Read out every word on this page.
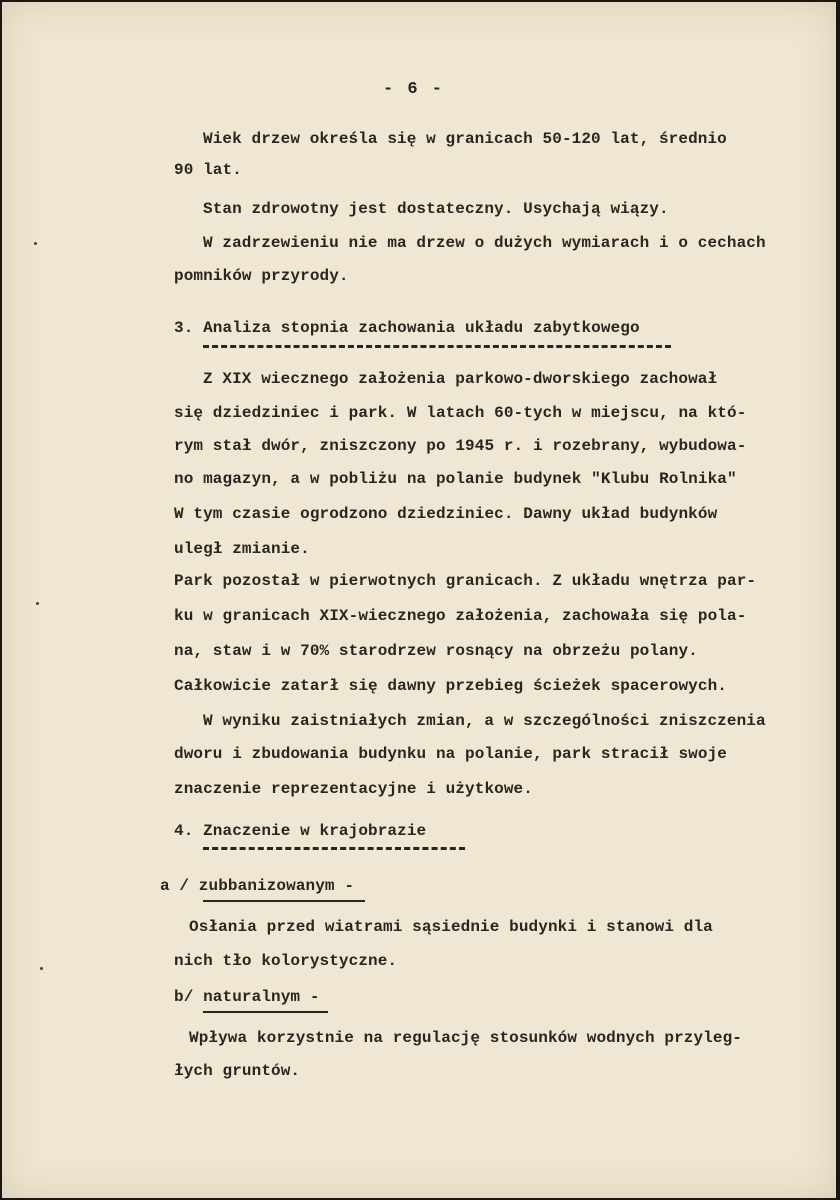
- 6 -
Wiek drzew określa się w granicach 50-120 lat, średnio
90 lat.
Stan zdrowotny jest dostateczny. Usychają wiązy.
W zadrzewieniu nie ma drzew o dużych wymiarach i o cechach
pomników przyrody.
3. Analiza stopnia zachowania układu zabytkowego
Z XIX wiecznego założenia parkowo-dworskiego zachował
się dziedziniec i park. W latach 60-tych w miejscu, na któ-
rym stał dwór, zniszczony po 1945 r. i rozebrany, wybudowa-
no magazyn, a w pobliżu na polanie budynek "Klubu Rolnika"
W tym czasie ogrodzono dziedziniec. Dawny układ budynków
uległ zmianie.
Park pozostał w pierwotnych granicach. Z układu wnętrza par-
ku w granicach XIX-wiecznego założenia, zachowała się pola-
na, staw i w 70% starodrzew rosnący na obrzeżu polany.
Całkowicie zatarł się dawny przebieg ścieżek spacerowych.
W wyniku zaistniałych zmian, a w szczególności zniszczenia
dworu i zbudowania budynku na polanie, park stracił swoje
znaczenie reprezentacyjne i użytkowe.
4. Znaczenie w krajobrazie
a / zubbanizowanym -
Osłania przed wiatrami sąsiednie budynki i stanowi dla
nich tło kolorystyczne.
b/ naturalnym -
Wpływa korzystnie na regulację stosunków wodnych przyleg-
łych gruntów.
